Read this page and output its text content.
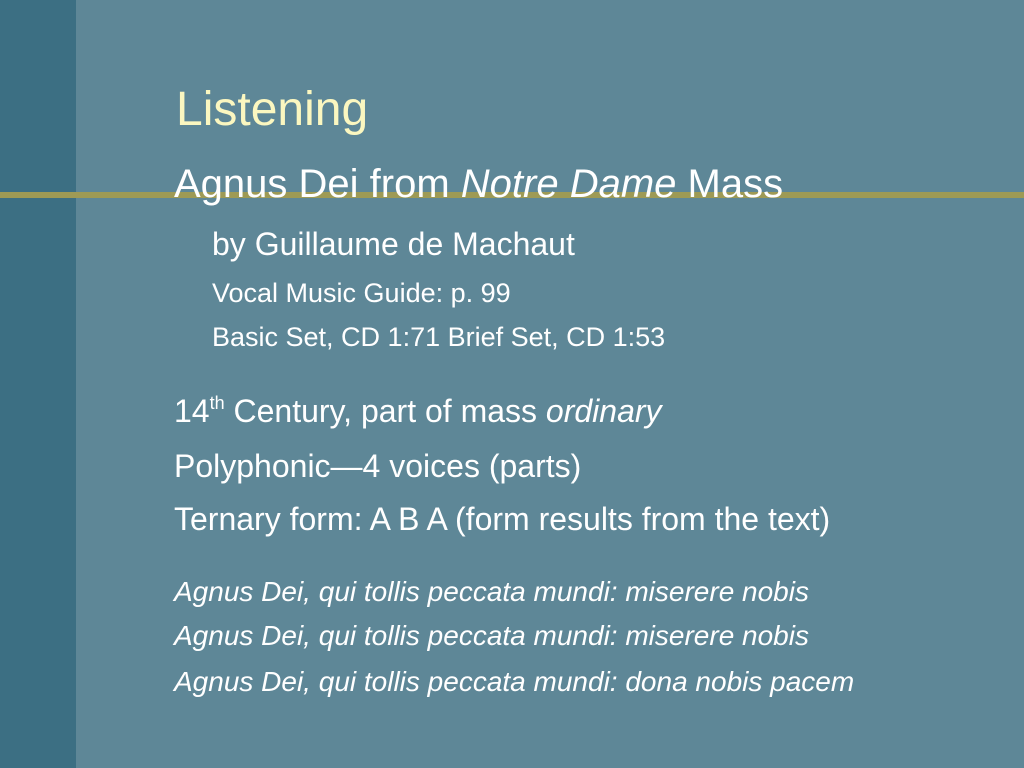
Listening
Agnus Dei from Notre Dame Mass

by Guillaume de Machaut

Vocal Music Guide: p. 99

Basic Set, CD 1:71 Brief Set, CD 1:53

14th Century, part of mass ordinary

Polyphonic—4 voices (parts)

Ternary form: A B A (form results from the text)

Agnus Dei, qui tollis peccata mundi: miserere nobis

Agnus Dei, qui tollis peccata mundi: miserere nobis

Agnus Dei, qui tollis peccata mundi: dona nobis pacem
